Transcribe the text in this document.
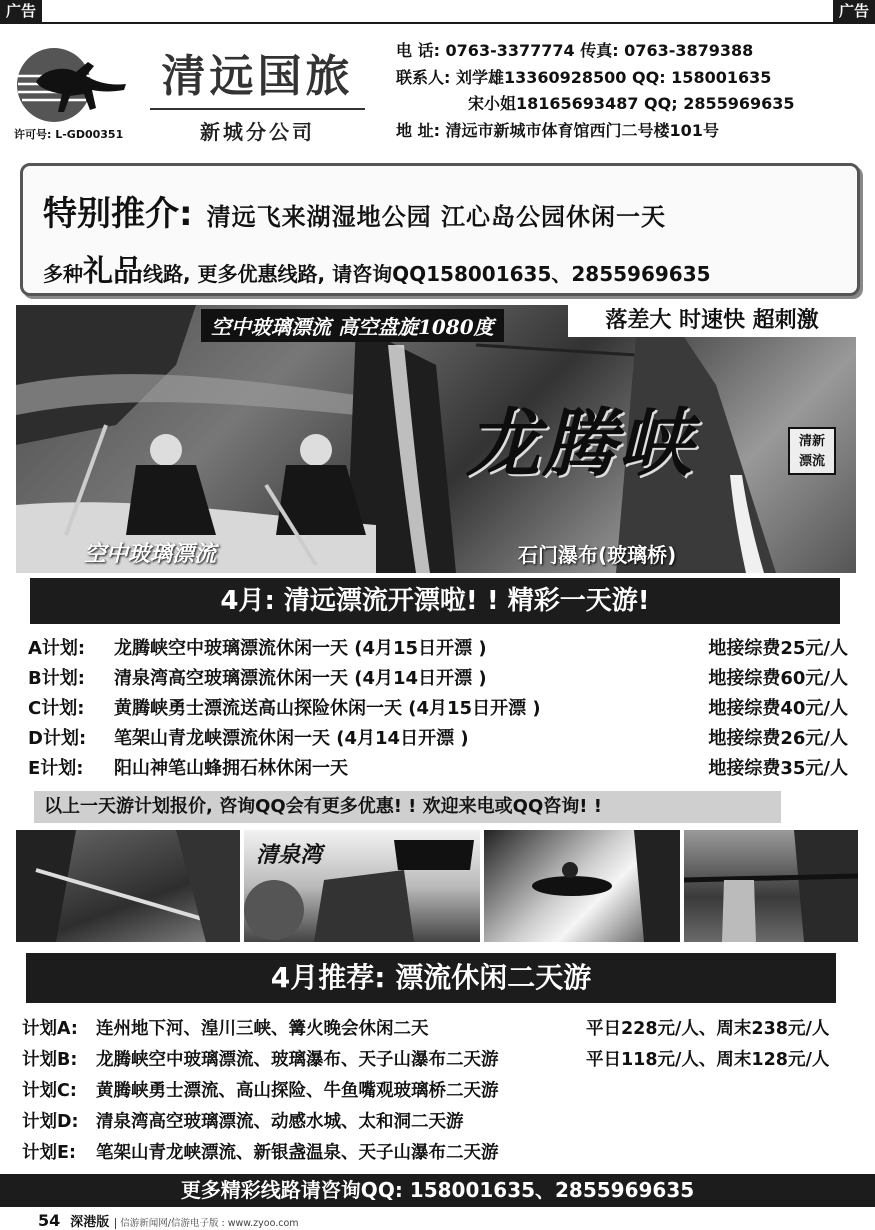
广告	广告
许可号: L-GD00351
清远国旅
新城分公司
电 话: 0763-3377774 传真: 0763-3879388
联系人: 刘学雄13360928500 QQ: 158001635
宋小姐18165693487 QQ; 2855969635
地 址: 清远市新城市体育馆西门二号楼101号
特别推介: 清远飞来湖湿地公园 江心岛公园休闲一天
多种礼品线路, 更多优惠线路, 请咨询QQ158001635、2855969635
空中玻璃漂流 高空盘旋1080度	落差大 时速快 超刺激
龙腾峡	清新
漂流
空中玻璃漂流	石门瀑布(玻璃桥)
4月: 清远漂流开漂啦! ! 精彩一天游!
A计划: 龙腾峡空中玻璃漂流休闲一天 (4月15日开漂 )	地接综费25元/人
B计划: 清泉湾高空玻璃漂流休闲一天 (4月14日开漂 )	地接综费60元/人
C计划: 黄腾峡勇士漂流送高山探险休闲一天 (4月15日开漂 )	地接综费40元/人
D计划: 笔架山青龙峡漂流休闲一天 (4月14日开漂 )	地接综费26元/人
E计划: 阳山神笔山蜂拥石林休闲一天	地接综费35元/人
以上一天游计划报价, 咨询QQ会有更多优惠! ! 欢迎来电或QQ咨询! !
清泉湾
4月推荐: 漂流休闲二天游
计划A:	连州地下河、湟川三峡、篝火晚会休闲二天	平日228元/人、周末238元/人
计划B:	龙腾峡空中玻璃漂流、玻璃瀑布、天子山瀑布二天游	平日118元/人、周末128元/人
计划C:	黄腾峡勇士漂流、高山探险、牛鱼嘴观玻璃桥二天游
计划D: 清泉湾高空玻璃漂流、动感水城、太和洞二天游
计划E:	笔架山青龙峡漂流、新银盏温泉、天子山瀑布二天游
更多精彩线路请咨询QQ: 158001635、2855969635
54 深港版 信游新闻网/信游电子版 : www.zyoo.com
